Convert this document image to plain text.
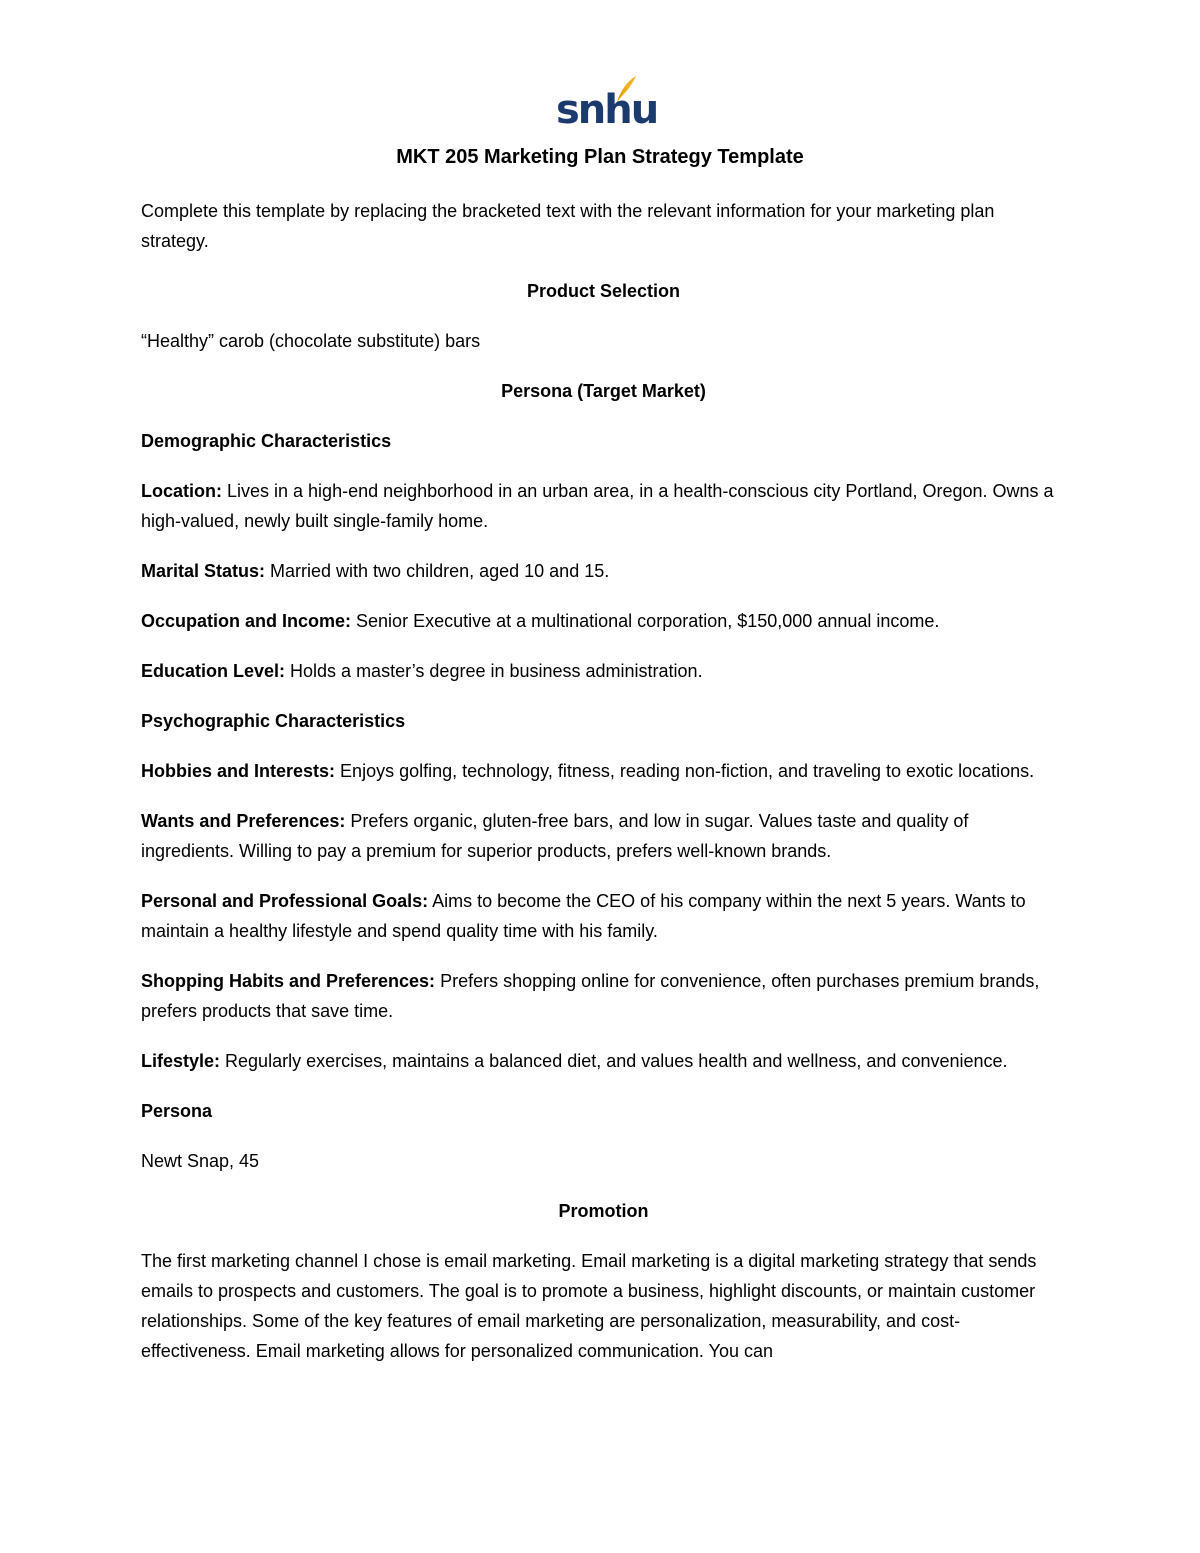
snhu
MKT 205 Marketing Plan Strategy Template

Complete this template by replacing the bracketed text with the relevant information for your marketing plan strategy.

Product Selection

“Healthy” carob (chocolate substitute) bars

Persona (Target Market)

Demographic Characteristics

Location: Lives in a high-end neighborhood in an urban area, in a health-conscious city Portland, Oregon. Owns a high-valued, newly built single-family home.

Marital Status: Married with two children, aged 10 and 15.

Occupation and Income: Senior Executive at a multinational corporation, $150,000 annual income.

Education Level: Holds a master’s degree in business administration.

Psychographic Characteristics

Hobbies and Interests: Enjoys golfing, technology, fitness, reading non-fiction, and traveling to exotic locations.

Wants and Preferences: Prefers organic, gluten-free bars, and low in sugar. Values taste and quality of ingredients. Willing to pay a premium for superior products, prefers well-known brands.

Personal and Professional Goals: Aims to become the CEO of his company within the next 5 years. Wants to maintain a healthy lifestyle and spend quality time with his family.

Shopping Habits and Preferences: Prefers shopping online for convenience, often purchases premium brands, prefers products that save time.

Lifestyle: Regularly exercises, maintains a balanced diet, and values health and wellness, and convenience.

Persona

Newt Snap, 45

Promotion

The first marketing channel I chose is email marketing. Email marketing is a digital marketing strategy that sends emails to prospects and customers. The goal is to promote a business, highlight discounts, or maintain customer relationships. Some of the key features of email marketing are personalization, measurability, and cost-effectiveness. Email marketing allows for personalized communication. You can
